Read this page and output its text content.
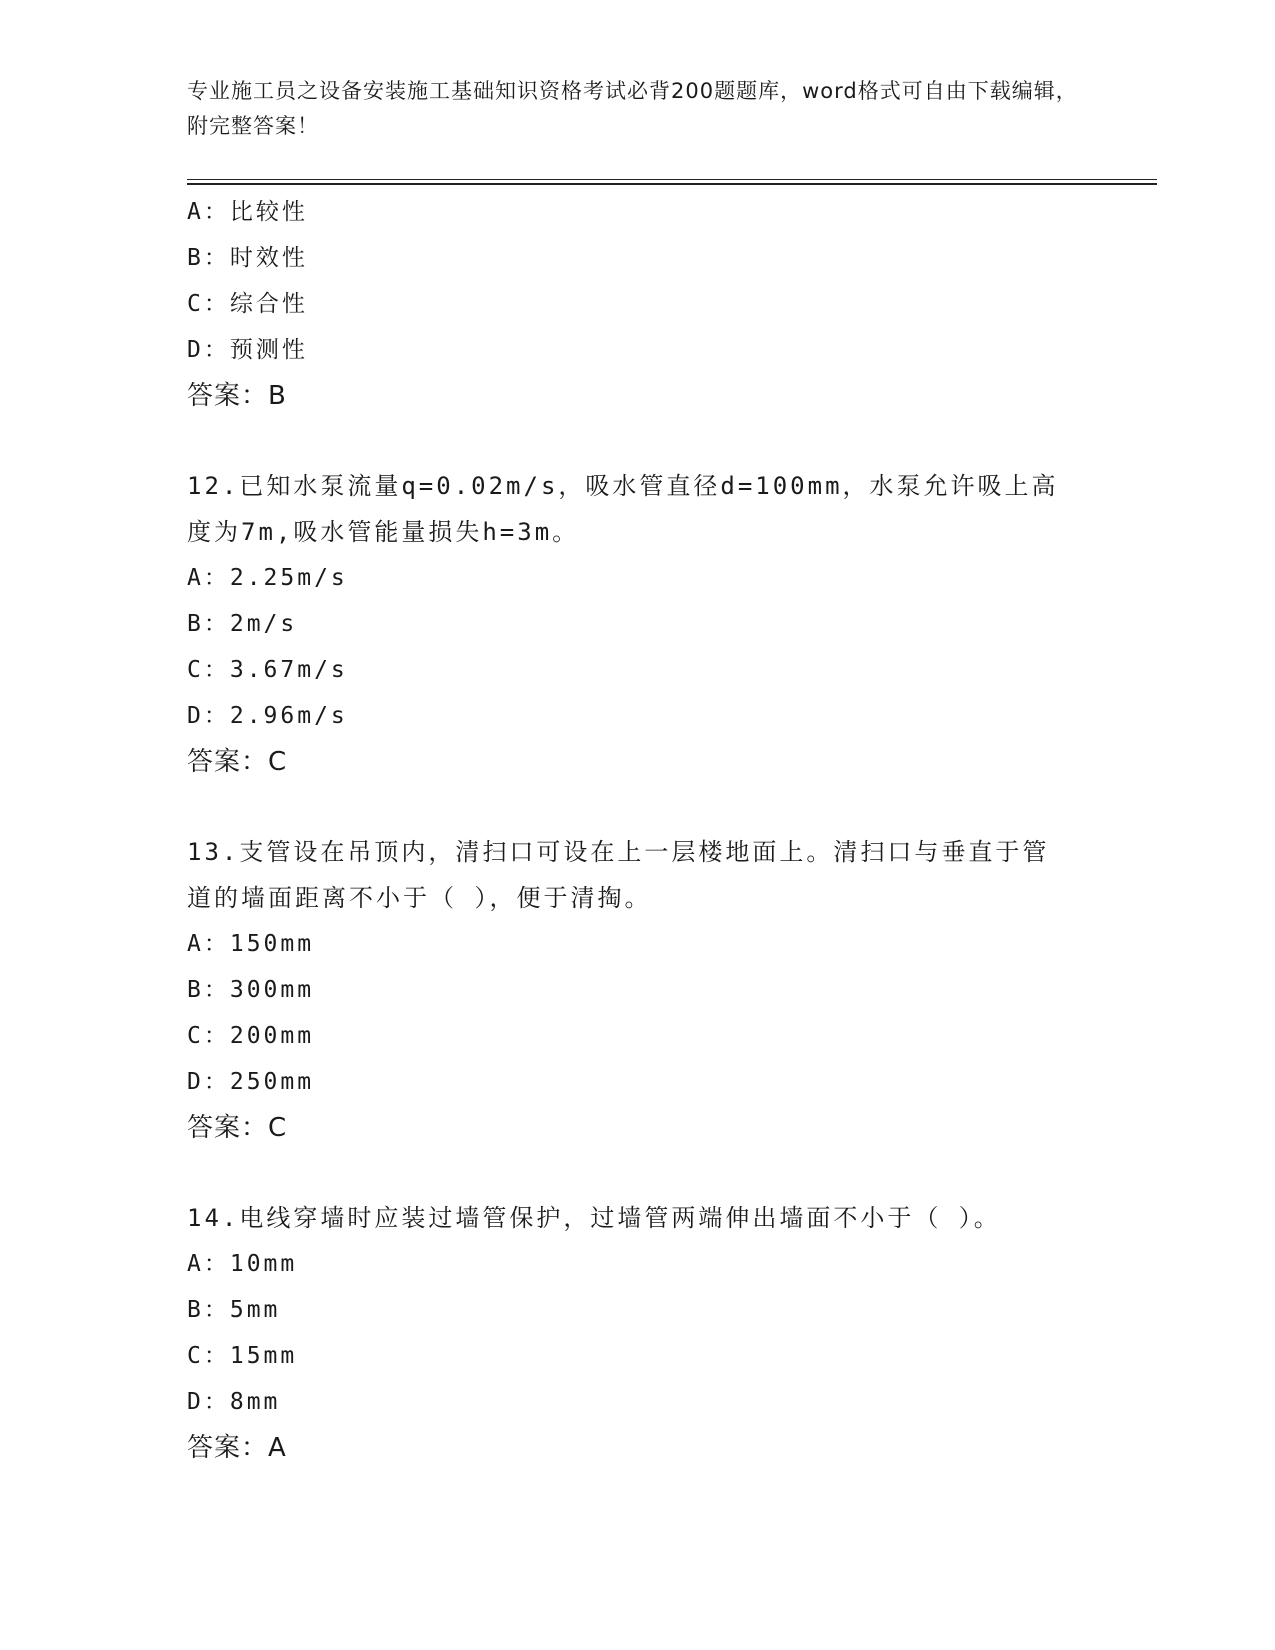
专业施工员之设备安装施工基础知识资格考试必背200题题库，word格式可自由下载编辑，附完整答案！
A：比较性
B：时效性
C：综合性
D：预测性
答案：B
12.已知水泵流量q=0.02m/s，吸水管直径d=100mm，水泵允许吸上高度为7m,吸水管能量损失h=3m。
A：2.25m/s
B：2m/s
C：3.67m/s
D：2.96m/s
答案：C
13.支管设在吊顶内，清扫口可设在上一层楼地面上。清扫口与垂直于管道的墙面距离不小于（ ），便于清掏。
A：150mm
B：300mm
C：200mm
D：250mm
答案：C
14.电线穿墙时应装过墙管保护，过墙管两端伸出墙面不小于（ ）。
A：10mm
B：5mm
C：15mm
D：8mm
答案：A
